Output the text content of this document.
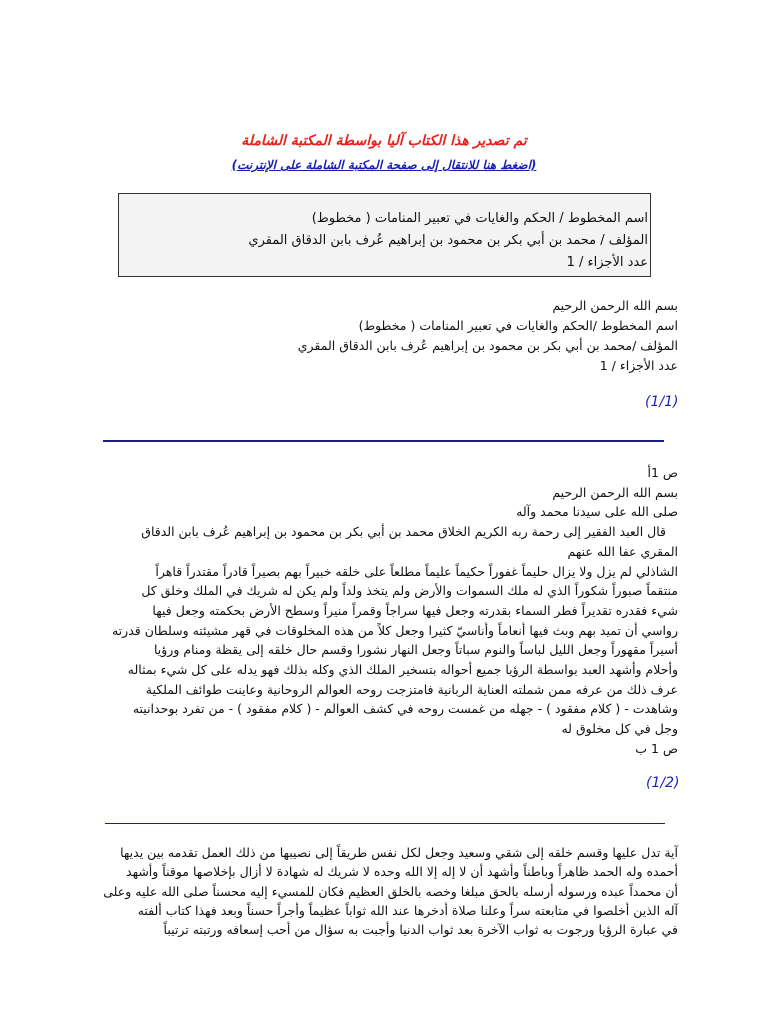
تم تصدير هذا الكتاب آليا بواسطة المكتبة الشاملة
(اضغط هنا للانتقال إلى صفحة المكتبة الشاملة على الإنترنت)
اسم المخطوط / الحكم والغايات في تعبير المنامات ( مخطوط)
المؤلف / محمد بن أبي بكر بن محمود بن إبراهيم عُرف بابن الدقاق المقري
عدد الأجزاء / 1
بسم الله الرحمن الرحيم
اسم المخطوط /الحكم والغايات في تعبير المنامات ( مخطوط)
المؤلف /محمد بن أبي بكر بن محمود بن إبراهيم عُرف بابن الدقاق المقري
عدد الأجزاء / 1
(1/1)
ص 1أ
بسم الله الرحمن الرحيم
صلى الله على سيدنا محمد وآله
قال العبد الفقير إلى رحمة ربه الكريم الخلاق محمد بن أبي بكر بن محمود بن إبراهيم عُرف بابن الدقاق
المقري عفا الله عنهم
الشاذلي لم يزل ولا يزال حليماً غفوراً حكيماً عليماً مطلعاً على خلقه خبيراً بهم بصيراً قادراً مقتدراً قاهراً
منتقماً صبوراً شكوراً الذي له ملك السموات والأرض ولم يتخذ ولداً ولم يكن له شريك في الملك وخلق كل
شيء فقدره تقديراً فطر السماء بقدرته وجعل فيها سراجاً وقمراً منيراً وسطح الأرض بحكمته وجعل فيها
رواسي أن تميد بهم وبث فيها أنعاماً وأناسيّ كثيرا وجعل كلاً من هذه المخلوقات في قهر مشيئته وسلطان قدرته
أسيراً مقهوراً وجعل الليل لباساً والنوم سباتاً وجعل النهار نشورا وقسم حال خلقه إلى يقظة ومنام ورؤيا
وأحلام وأشهد العبد بواسطة الرؤيا جميع أحواله بتسخير الملك الذي وكله بذلك فهو يدله على كل شيء بمثاله
عرف ذلك من عرفه ممن شملته العناية الربانية فامتزجت روحه العوالم الروحانية وعاينت طوائف الملكية
وشاهدت - ( كلام مفقود ) - جهله من غمست روحه في كشف العوالم - ( كلام مفقود ) - من تفرد بوحدانيته
وجل في كل مخلوق له
ص 1 ب
(1/2)
آية تدل عليها وقسم خلقه إلى شقي وسعيد وجعل لكل نفس طريقاً إلى نصيبها من ذلك العمل تقدمه بين يديها
أحمده وله الحمد ظاهراً وباطناً وأشهد أن لا إله إلا الله وحده لا شريك له شهادة لا أزال بإخلاصها موقناً وأشهد
أن محمداً عبده ورسوله أرسله بالحق مبلغا وخصه بالخلق العظيم فكان للمسيء إليه محسناً صلى الله عليه وعلى
آله الذين أخلصوا في متابعته سراً وعلنا صلاة أدخرها عند الله ثواباً عظيماً وأجراً حسناً وبعد فهذا كتاب ألفته
في عبارة الرؤيا ورجوت به ثواب الآخرة بعد ثواب الدنيا وأجبت به سؤال من أحب إسعافه ورتبته ترتيباً
